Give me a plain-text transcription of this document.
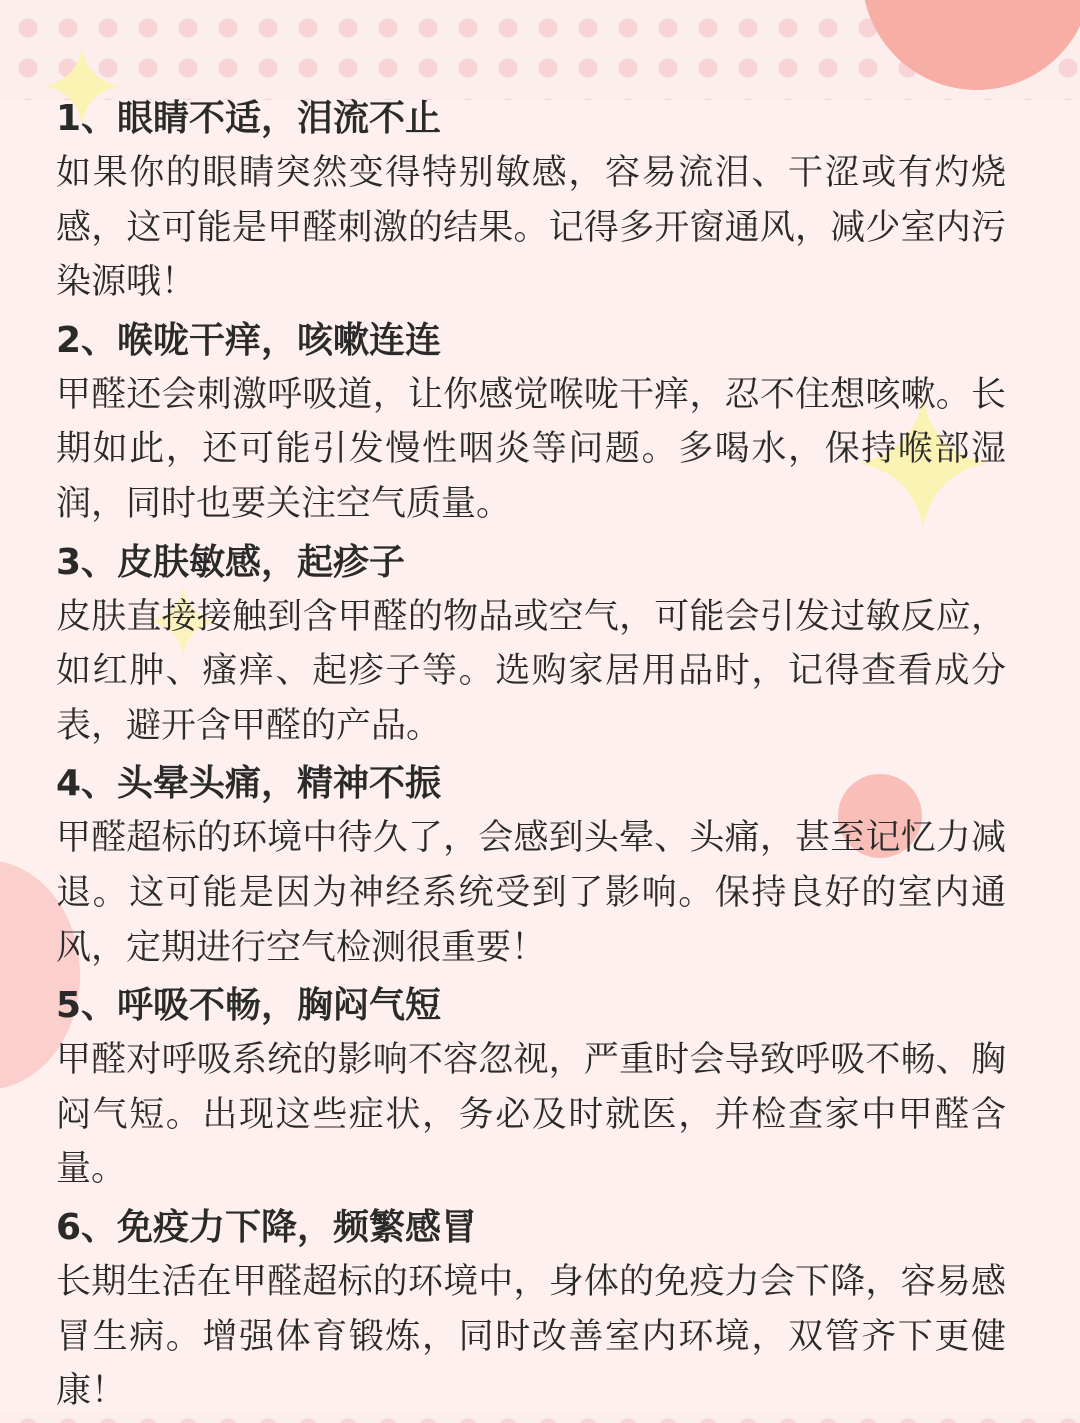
1、眼睛不适，泪流不止

如果你的眼睛突然变得特别敏感，容易流泪、干涩或有灼烧感，这可能是甲醛刺激的结果。记得多开窗通风，减少室内污染源哦！

2、喉咙干痒，咳嗽连连

甲醛还会刺激呼吸道，让你感觉喉咙干痒，忍不住想咳嗽。长期如此，还可能引发慢性咽炎等问题。多喝水，保持喉部湿润，同时也要关注空气质量。

3、皮肤敏感，起疹子

皮肤直接接触到含甲醛的物品或空气，可能会引发过敏反应，如红肿、瘙痒、起疹子等。选购家居用品时，记得查看成分表，避开含甲醛的产品。

4、头晕头痛，精神不振

甲醛超标的环境中待久了，会感到头晕、头痛，甚至记忆力减退。这可能是因为神经系统受到了影响。保持良好的室内通风，定期进行空气检测很重要！

5、呼吸不畅，胸闷气短

甲醛对呼吸系统的影响不容忽视，严重时会导致呼吸不畅、胸闷气短。出现这些症状，务必及时就医，并检查家中甲醛含量。

6、免疫力下降，频繁感冒

长期生活在甲醛超标的环境中，身体的免疫力会下降，容易感冒生病。增强体育锻炼，同时改善室内环境，双管齐下更健康！
